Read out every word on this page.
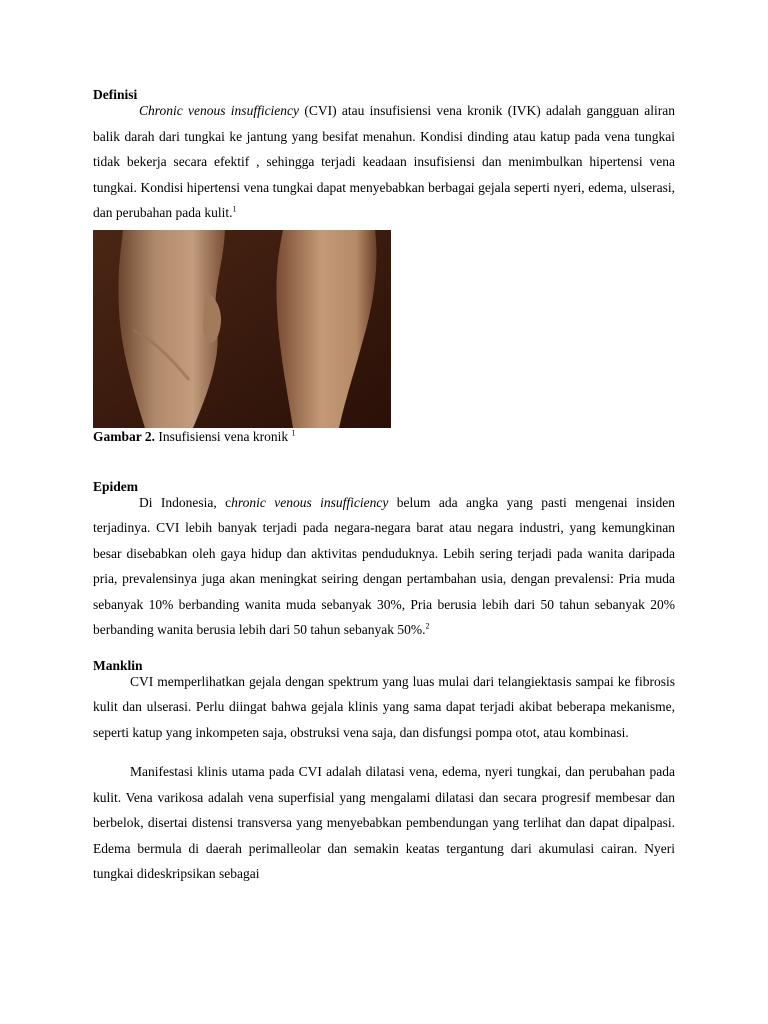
Definisi

Chronic venous insufficiency (CVI) atau insufisiensi vena kronik (IVK) adalah gangguan aliran balik darah dari tungkai ke jantung yang besifat menahun. Kondisi dinding atau katup pada vena tungkai tidak bekerja secara efektif , sehingga terjadi keadaan insufisiensi dan menimbulkan hipertensi vena tungkai. Kondisi hipertensi vena tungkai dapat menyebabkan berbagai gejala seperti nyeri, edema, ulserasi, dan perubahan pada kulit.$^1$

Gambar 2. Insufisiensi vena kronik $^1$

Epidem

Di Indonesia, chronic venous insufficiency belum ada angka yang pasti mengenai insiden terjadinya. CVI lebih banyak terjadi pada negara-negara barat atau negara industri, yang kemungkinan besar disebabkan oleh gaya hidup dan aktivitas penduduknya. Lebih sering terjadi pada wanita daripada pria, prevalensinya juga akan meningkat seiring dengan pertambahan usia, dengan prevalensi: Pria muda sebanyak 10% berbanding wanita muda sebanyak 30%, Pria berusia lebih dari 50 tahun sebanyak 20% berbanding wanita berusia lebih dari 50 tahun sebanyak 50%.$^2$

Manklin

CVI memperlihatkan gejala dengan spektrum yang luas mulai dari telangiektasis sampai ke fibrosis kulit dan ulserasi. Perlu diingat bahwa gejala klinis yang sama dapat terjadi akibat beberapa mekanisme, seperti katup yang inkompeten saja, obstruksi vena saja, dan disfungsi pompa otot, atau kombinasi.

Manifestasi klinis utama pada CVI adalah dilatasi vena, edema, nyeri tungkai, dan perubahan pada kulit. Vena varikosa adalah vena superfisial yang mengalami dilatasi dan secara progresif membesar dan berbelok, disertai distensi transversa yang menyebabkan pembendungan yang terlihat dan dapat dipalpasi. Edema bermula di daerah perimalleolar dan semakin keatas tergantung dari akumulasi cairan. Nyeri tungkai dideskripsikan sebagai
